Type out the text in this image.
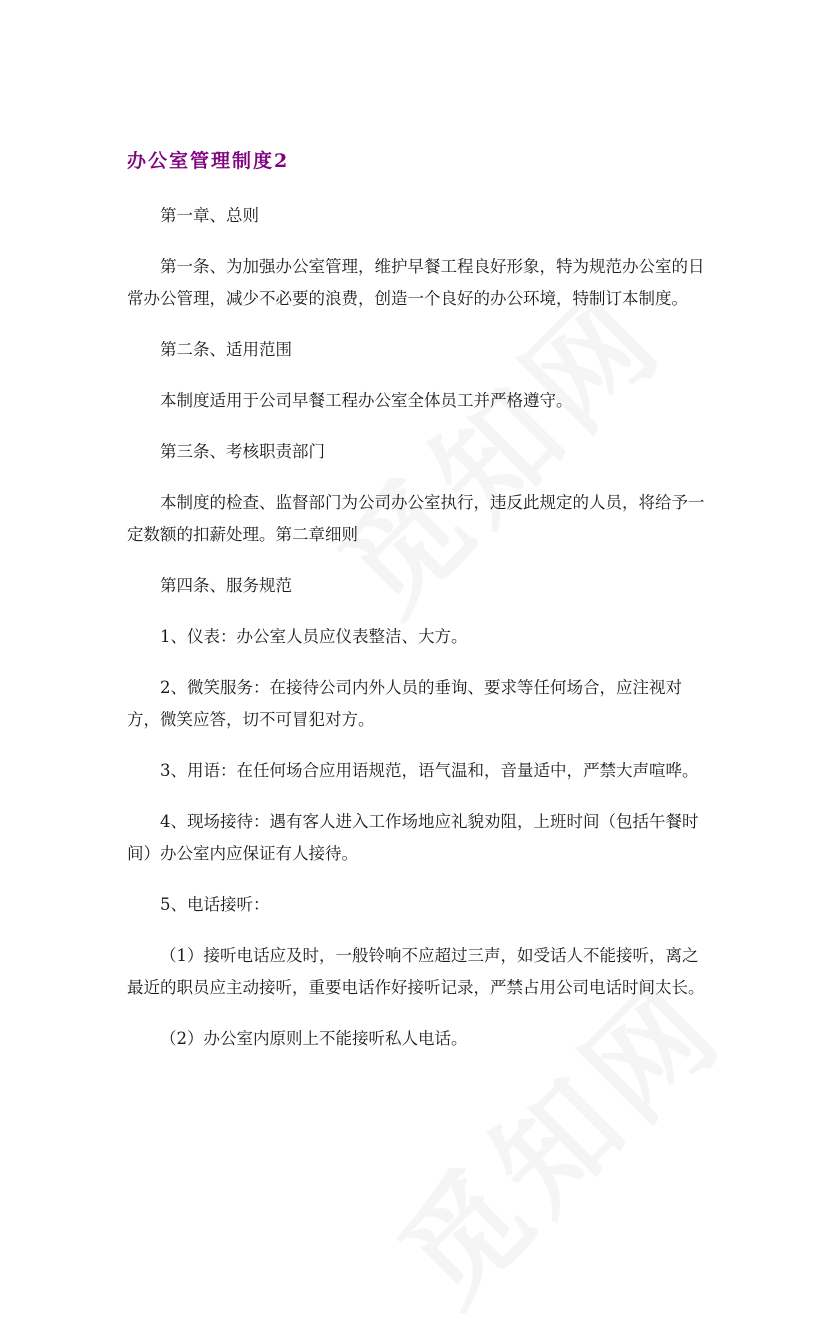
办公室管理制度2

第一章、总则

第一条、为加强办公室管理，维护早餐工程良好形象，特为规范办公室的日常办公管理，减少不必要的浪费，创造一个良好的办公环境，特制订本制度。

第二条、适用范围

本制度适用于公司早餐工程办公室全体员工并严格遵守。

第三条、考核职责部门

本制度的检查、监督部门为公司办公室执行，违反此规定的人员，将给予一定数额的扣薪处理。第二章细则

第四条、服务规范

1、仪表：办公室人员应仪表整洁、大方。

2、微笑服务：在接待公司内外人员的垂询、要求等任何场合，应注视对方，微笑应答，切不可冒犯对方。

3、用语：在任何场合应用语规范，语气温和，音量适中，严禁大声喧哗。

4、现场接待：遇有客人进入工作场地应礼貌劝阻，上班时间（包括午餐时间）办公室内应保证有人接待。

5、电话接听：

（1）接听电话应及时，一般铃响不应超过三声，如受话人不能接听，离之最近的职员应主动接听，重要电话作好接听记录，严禁占用公司电话时间太长。

（2）办公室内原则上不能接听私人电话。
